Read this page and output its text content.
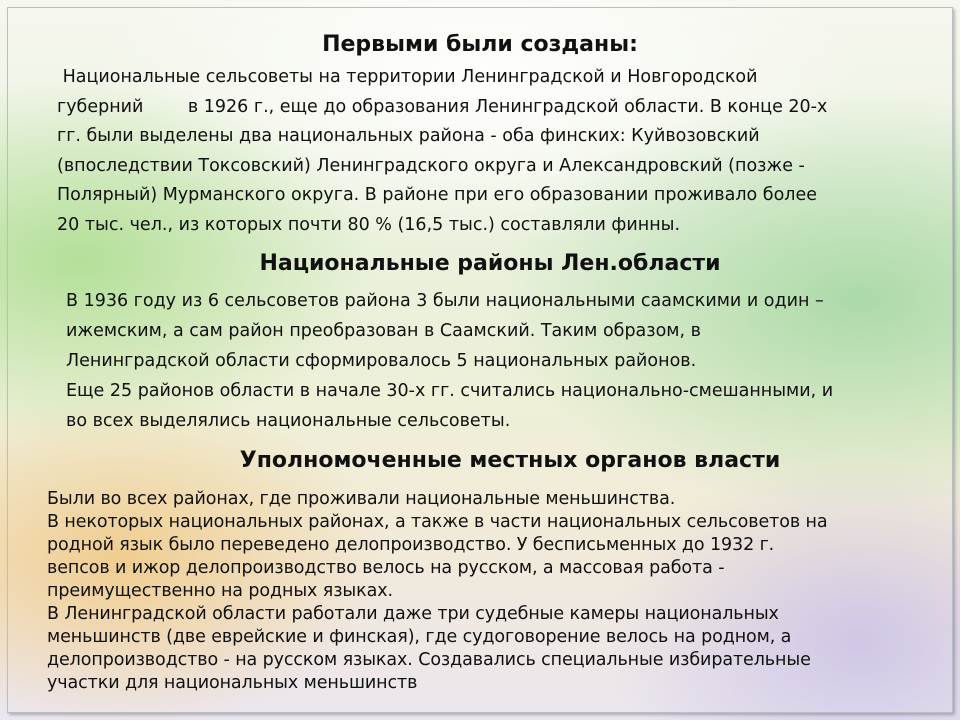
Первыми были созданы:
Национальные сельсоветы на территории Ленинградской и Новгородской
губерний        в 1926 г., еще до образования Ленинградской области. В конце 20-х
гг. были выделены два национальных района - оба финских: Куйвозовский
(впоследствии Токсовский) Ленинградского округа и Александровский (позже -
Полярный) Мурманского округа. В районе при его образовании проживало более
20 тыс. чел., из которых почти 80 % (16,5 тыс.) составляли финны.
Национальные районы Лен.области
В 1936 году из 6 сельсоветов района 3 были национальными саамскими и один –
ижемским, а сам район преобразован в Саамский. Таким образом, в
Ленинградской области сформировалось 5 национальных районов.
Еще 25 районов области в начале 30-х гг. считались национально-смешанными, и
во всех выделялись национальные сельсоветы.
Уполномоченные местных органов власти
Были во всех районах, где проживали национальные меньшинства.
В некоторых национальных районах, а также в части национальных сельсоветов на
родной язык было переведено делопроизводство. У бесписьменных до 1932 г.
вепсов и ижор делопроизводство велось на русском, а массовая работа -
преимущественно на родных языках.
В Ленинградской области работали даже три судебные камеры национальных
меньшинств (две еврейские и финская), где судоговорение велось на родном, а
делопроизводство - на русском языках. Создавались специальные избирательные
участки для национальных меньшинств
